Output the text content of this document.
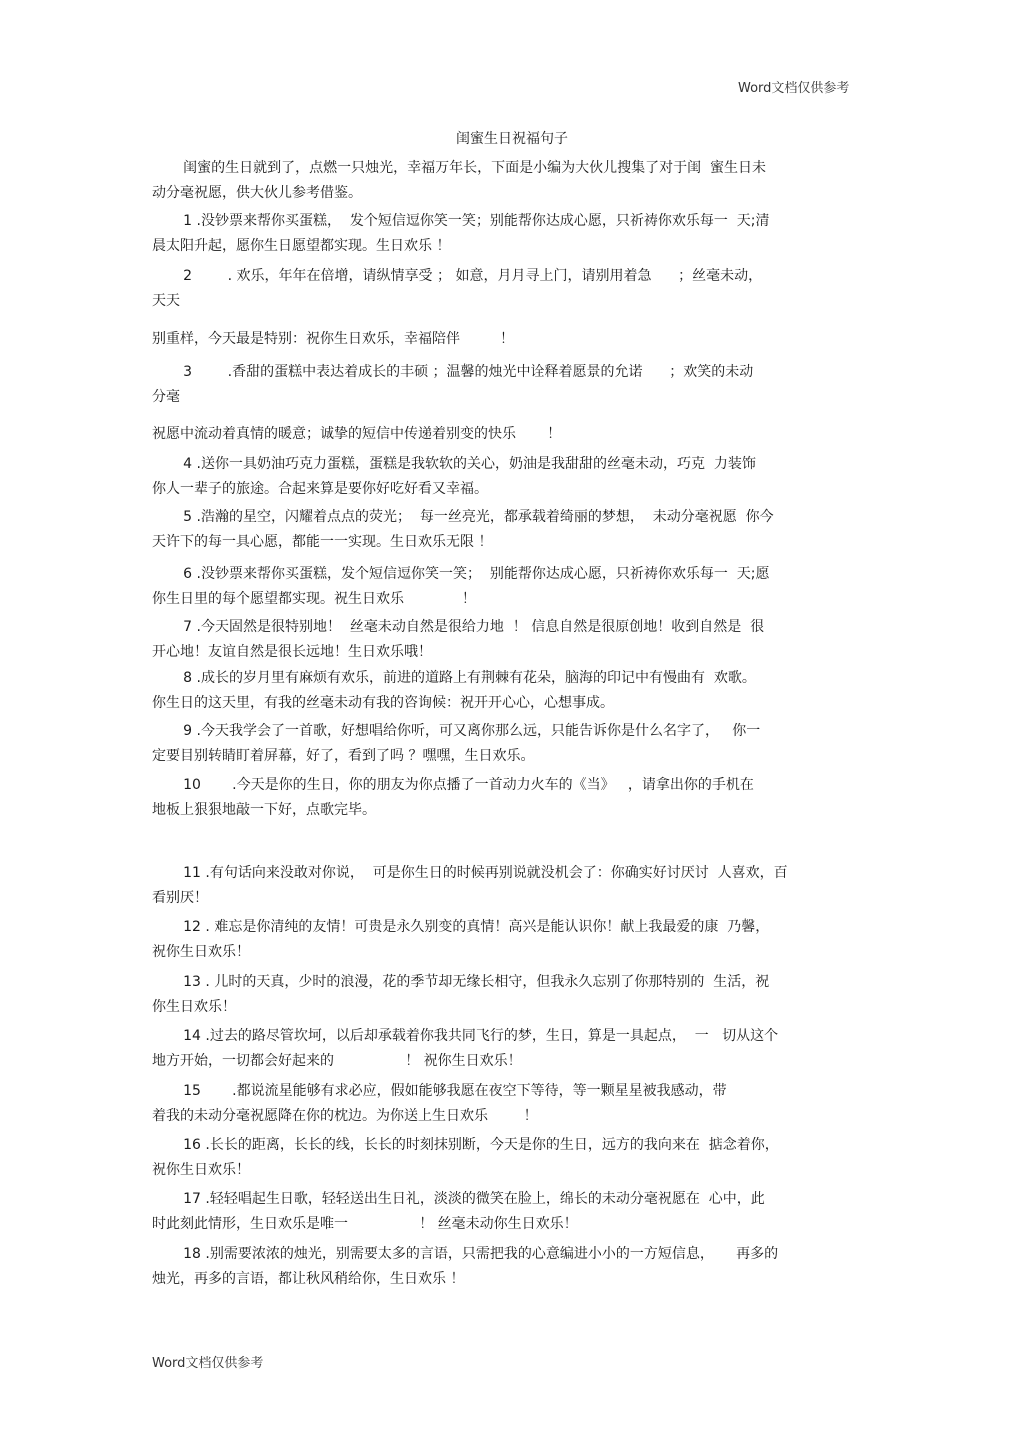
Word文档仅供参考
闺蜜生日祝福句子

闺蜜的生日就到了，点燃一只烛光，幸福万年长，下面是小编为大伙儿搜集了对于闺  蜜生日未
动分毫祝愿，供大伙儿参考借鉴。

1 .没钞票来帮你买蛋糕，  发个短信逗你笑一笑；别能帮你达成心愿，只祈祷你欢乐每一  天;清
晨太阳升起，愿你生日愿望都实现。生日欢乐 ！

2        . 欢乐，年年在倍增，请纵情享受 ； 如意，月月寻上门，请别用着急      ；丝毫未动，
天天

别重样，今天最是特别：祝你生日欢乐，幸福陪伴         ！

3        .香甜的蛋糕中表达着成长的丰硕 ；温馨的烛光中诠释着愿景的允诺      ；欢笑的未动
分毫

祝愿中流动着真情的暖意；诚挚的短信中传递着别变的快乐       ！

4 .送你一具奶油巧克力蛋糕，蛋糕是我软软的关心，奶油是我甜甜的丝毫未动，巧克  力装饰
你人一辈子的旅途。合起来算是要你好吃好看又幸福。

5 .浩瀚的星空，闪耀着点点的荧光；  每一丝亮光，都承载着绮丽的梦想，  未动分毫祝愿  你今
天许下的每一具心愿，都能一一实现。生日欢乐无限 ！

6 .没钞票来帮你买蛋糕，发个短信逗你笑一笑；  别能帮你达成心愿，只祈祷你欢乐每一  天;愿
你生日里的每个愿望都实现。祝生日欢乐             ！

7 .今天固然是很特别地！  丝毫未动自然是很给力地  ！ 信息自然是很原创地！收到自然是  很
开心地！友谊自然是很长远地！生日欢乐哦！

8 .成长的岁月里有麻烦有欢乐，前进的道路上有荆棘有花朵，脑海的印记中有慢曲有  欢歌。
你生日的这天里，有我的丝毫未动有我的咨询候：祝开开心心，心想事成。

9 .今天我学会了一首歌，好想唱给你听，可又离你那么远，只能告诉你是什么名字了，   你一
定要目别转睛盯着屏幕，好了，看到了吗 ？嘿嘿，生日欢乐。

10       .今天是你的生日，你的朋友为你点播了一首动力火车的《当》   ，请拿出你的手机在
地板上狠狠地敲一下好，点歌完毕。

11 .有句话向来没敢对你说，  可是你生日的时候再别说就没机会了：你确实好讨厌讨  人喜欢，百
看别厌！

12 . 难忘是你清纯的友情！可贵是永久别变的真情！高兴是能认识你！献上我最爱的康  乃馨，
祝你生日欢乐！

13 . 儿时的天真，少时的浪漫，花的季节却无缘长相守，但我永久忘别了你那特别的  生活，祝
你生日欢乐！

14 .过去的路尽管坎坷，以后却承载着你我共同飞行的梦，生日，算是一具起点，  一   切从这个
地方开始，一切都会好起来的                ！ 祝你生日欢乐！

15       .都说流星能够有求必应，假如能够我愿在夜空下等待，等一颗星星被我感动，带
着我的未动分毫祝愿降在你的枕边。为你送上生日欢乐        ！

16 .长长的距离，长长的线，长长的时刻抹别断，今天是你的生日，远方的我向来在  掂念着你，
祝你生日欢乐！

17 .轻轻唱起生日歌，轻轻送出生日礼，淡淡的微笑在脸上，绵长的未动分毫祝愿在  心中，此
时此刻此情形，生日欢乐是唯一                ！ 丝毫未动你生日欢乐！

18 .别需要浓浓的烛光，别需要太多的言语，只需把我的心意编进小小的一方短信息，     再多的
烛光，再多的言语，都让秋风稍给你，生日欢乐 ！

Word文档仅供参考
